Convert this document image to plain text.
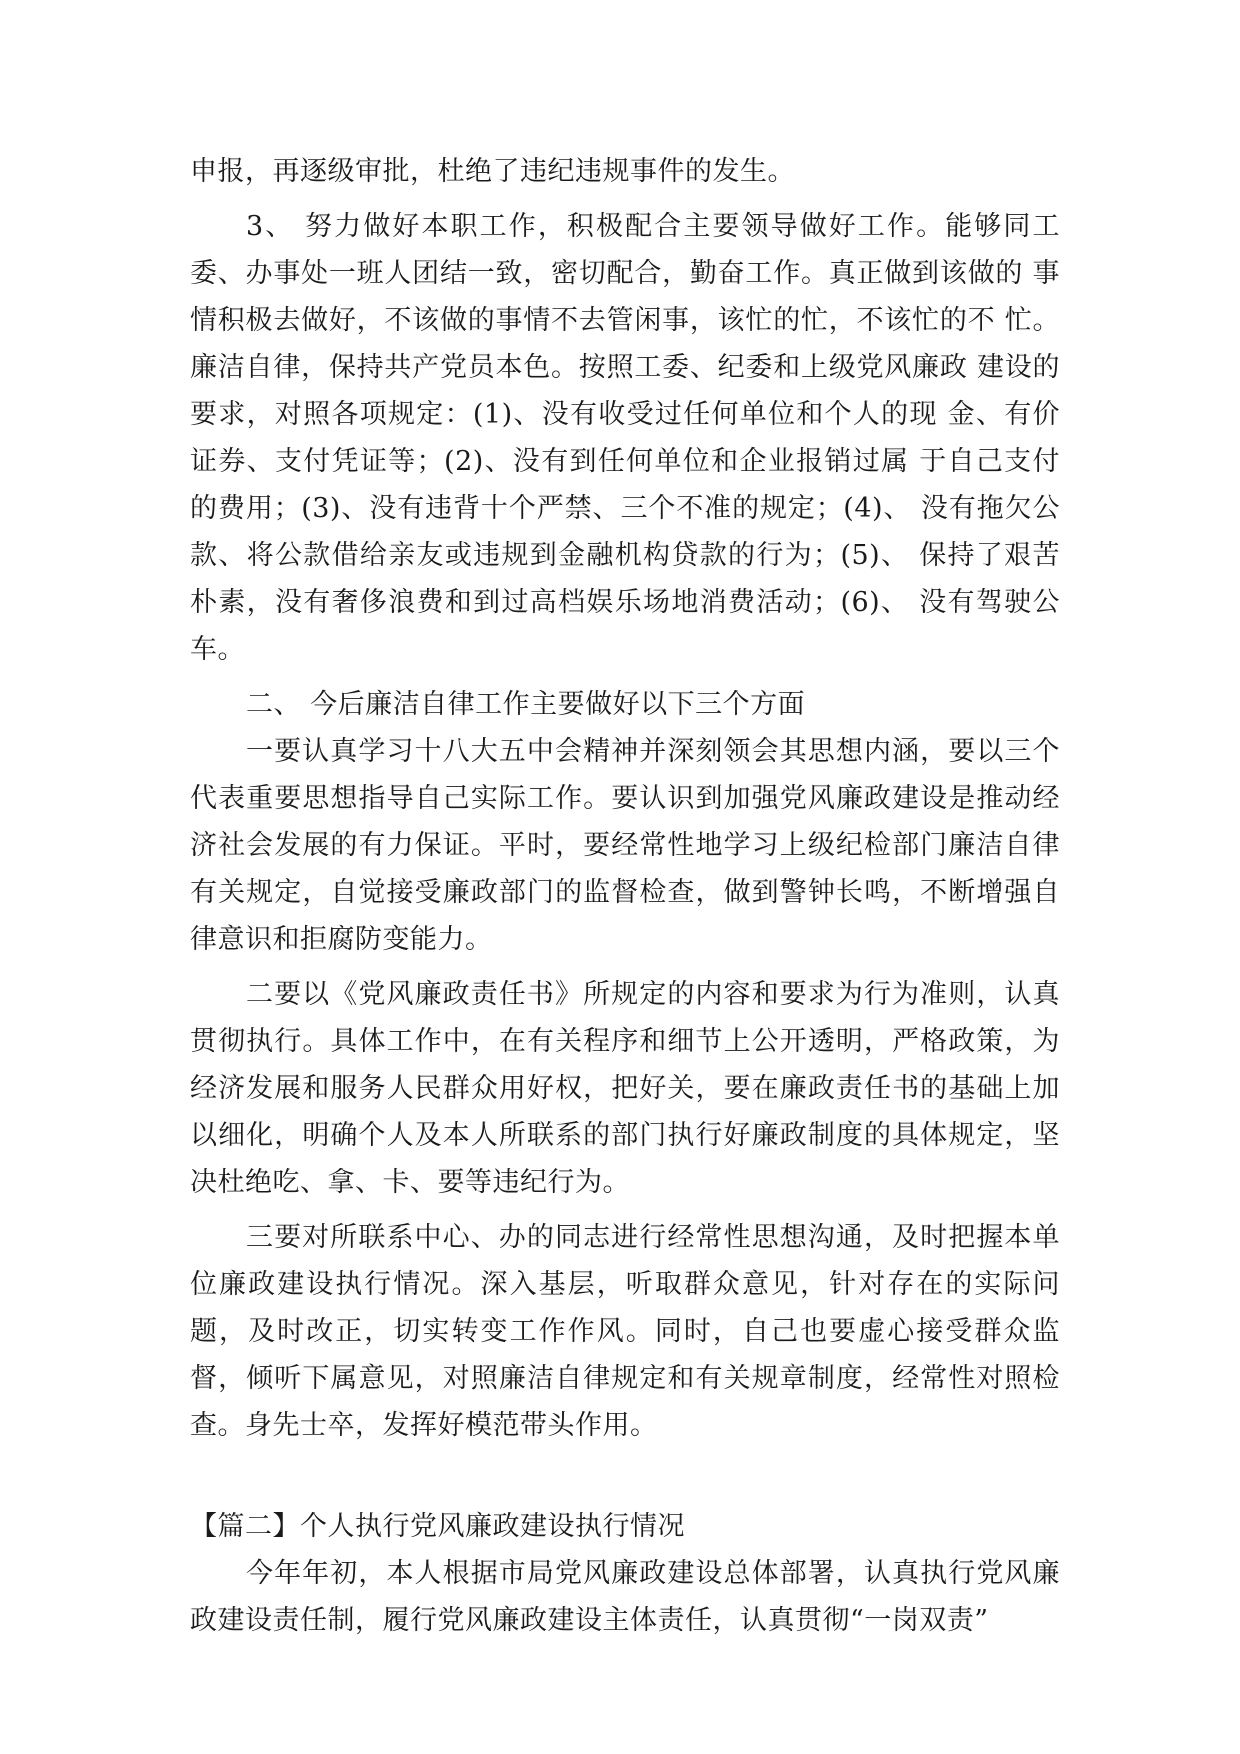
申报，再逐级审批，杜绝了违纪违规事件的发生。

3、 努力做好本职工作，积极配合主要领导做好工作。能够同工 委、办事处一班人团结一致，密切配合，勤奋工作。真正做到该做的 事情积极去做好，不该做的事情不去管闲事，该忙的忙，不该忙的不 忙。廉洁自律，保持共产党员本色。按照工委、纪委和上级党风廉政 建设的要求，对照各项规定：(1)、没有收受过任何单位和个人的现 金、有价证券、支付凭证等；(2)、没有到任何单位和企业报销过属 于自己支付的费用；(3)、没有违背十个严禁、三个不准的规定；(4)、 没有拖欠公款、将公款借给亲友或违规到金融机构贷款的行为；(5)、 保持了艰苦朴素，没有奢侈浪费和到过高档娱乐场地消费活动；(6)、 没有驾驶公车。

二、 今后廉洁自律工作主要做好以下三个方面

一要认真学习十八大五中会精神并深刻领会其思想内涵，要以三个代表重要思想指导自己实际工作。要认识到加强党风廉政建设是推动经济社会发展的有力保证。平时，要经常性地学习上级纪检部门廉洁自律有关规定，自觉接受廉政部门的监督检查，做到警钟长鸣，不断增强自律意识和拒腐防变能力。

二要以《党风廉政责任书》所规定的内容和要求为行为准则，认真贯彻执行。具体工作中，在有关程序和细节上公开透明，严格政策，为经济发展和服务人民群众用好权，把好关，要在廉政责任书的基础上加以细化，明确个人及本人所联系的部门执行好廉政制度的具体规定，坚决杜绝吃、拿、卡、要等违纪行为。

三要对所联系中心、办的同志进行经常性思想沟通，及时把握本单位廉政建设执行情况。深入基层，听取群众意见，针对存在的实际问题，及时改正，切实转变工作作风。同时，自己也要虚心接受群众监督，倾听下属意见，对照廉洁自律规定和有关规章制度，经常性对照检查。身先士卒，发挥好模范带头作用。

【篇二】个人执行党风廉政建设执行情况

今年年初，本人根据市局党风廉政建设总体部署，认真执行党风廉政建设责任制，履行党风廉政建设主体责任，认真贯彻“一岗双责”
